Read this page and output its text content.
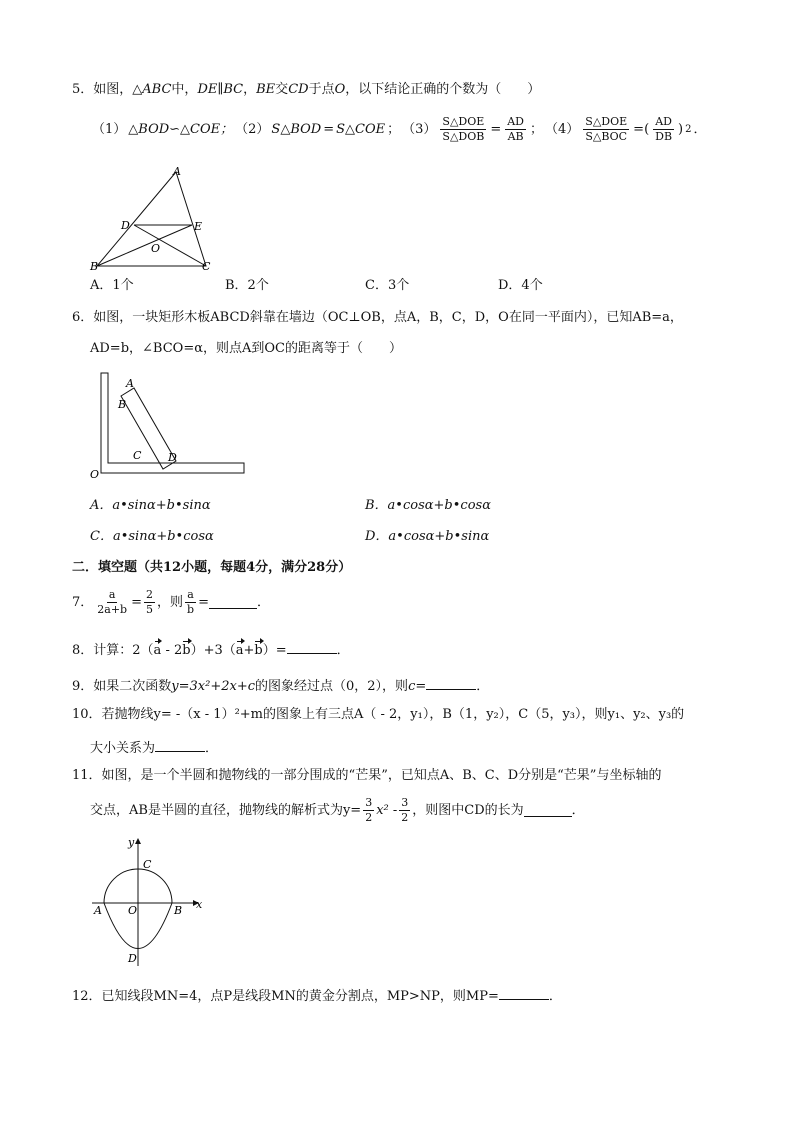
5．如图，△ABC中，DE∥BC，BE交CD于点O，以下结论正确的个数为（　　）
（1） △BOD∽△COE； （2） S△BOD = S△COE ； $(3) \frac{\text{S△DOE}}{\text{S△DOB}} = \frac{AD}{AB}$ ； $(4) \frac{\text{S△DOE}}{\text{S△BOC}}$ =( $\frac{AD}{DB}$ ) 2 ．
A
D	E
O
B	C
A．1个	B．2个	C．3个	D．4个
6．如图，一块矩形木板ABCD斜靠在墙边（OC⊥OB，点A，B，C，D，O在同一平面内），已知AB=a，
AD=b，∠BCO=α，则点A到OC的距离等于（　　）
A
B
C D
O
A．a•sinα+b•sinα	B．a•cosα+b•cosα
C．a•sinα+b•cosα	D．a•cosα+b•sinα
二．填空题（共12小题，每题4分，满分28分）
7． $\frac{a}{2a+b} = \frac{2}{5}$ ，则 $\frac{a}{b}$ =	．
8．计算：2（a - 2b）+3（a+b）=	．
9．如果二次函数y=3x²+2x+c的图象经过点（0，2），则c=	．
10．若抛物线y= -（x - 1）²+m的图象上有三点A（ - 2，y₁），B（1，y₂），C（5，y₃），则y₁、y₂、y₃的
大小关系为	．
11．如图，是一个半圆和抛物线的一部分围成的“芒果”，已知点A、B、C、D分别是“芒果”与坐标轴的
交点，AB是半圆的直径，抛物线的解析式为$y= \frac{3}{2} x^2 - \frac{3}{2}$ ，则图中CD的长为	．
y
x
C
A O	B
D
12．已知线段MN=4，点P是线段MN的黄金分割点，MP>NP，则MP=	．
